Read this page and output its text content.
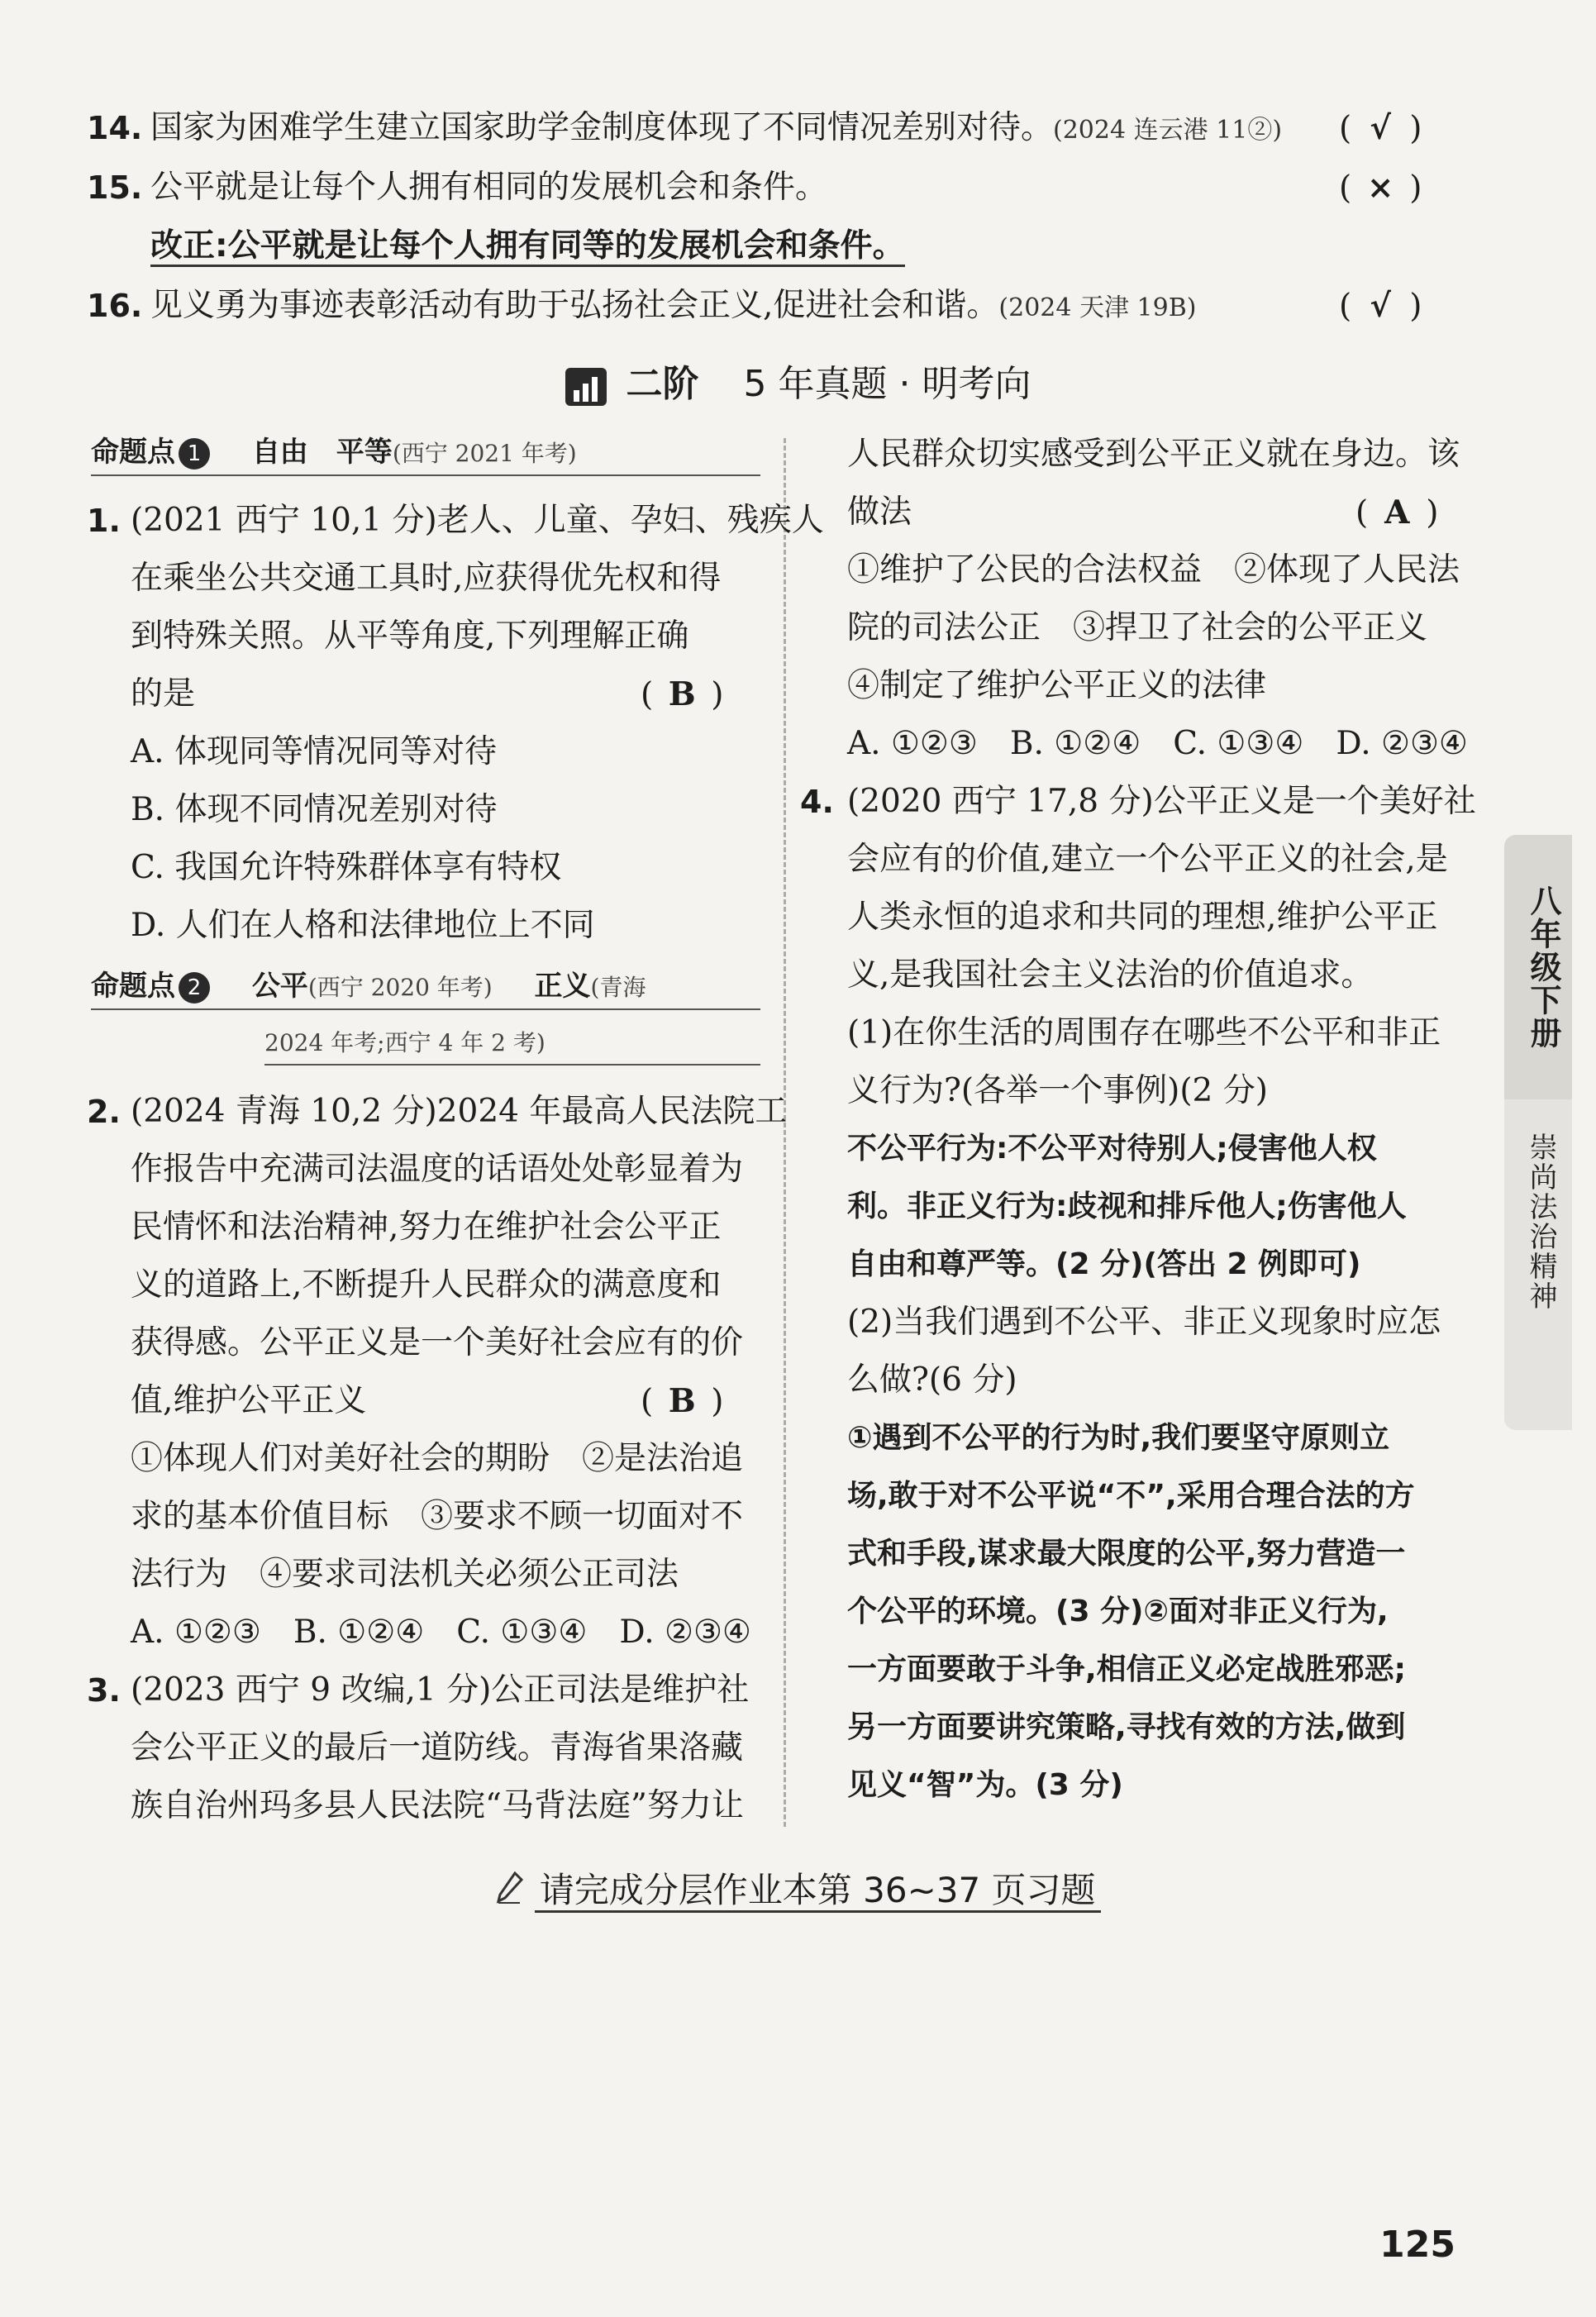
14. 国家为困难学生建立国家助学金制度体现了不同情况差别对待。(2024 连云港 11②) ( √ )
15. 公平就是让每个人拥有相同的发展机会和条件。	( × )
改正:公平就是让每个人拥有同等的发展机会和条件。
16. 见义勇为事迹表彰活动有助于弘扬社会正义,促进社会和谐。(2024 天津 19B)	( √ )
二阶 5 年真题 · 明考向
命题点 1 自由　平等(西宁 2021 年考)
1. (2021 西宁 10,1 分)老人、儿童、孕妇、残疾人
在乘坐公共交通工具时,应获得优先权和得
到特殊关照。从平等角度,下列理解正确
的是	( B )
A. 体现同等情况同等对待
B. 体现不同情况差别对待
C. 我国允许特殊群体享有特权
D. 人们在人格和法律地位上不同
命题点 2 公平(西宁 2020 年考) 正义(青海
2024 年考;西宁 4 年 2 考)
2. (2024 青海 10,2 分)2024 年最高人民法院工
作报告中充满司法温度的话语处处彰显着为
民情怀和法治精神,努力在维护社会公平正
义的道路上,不断提升人民群众的满意度和
获得感。公平正义是一个美好社会应有的价
值,维护公平正义	( B )
①体现人们对美好社会的期盼　②是法治追
求的基本价值目标　③要求不顾一切面对不
法行为　④要求司法机关必须公正司法
A. ①②③　B. ①②④　C. ①③④　D. ②③④
3. (2023 西宁 9 改编,1 分)公正司法是维护社
会公平正义的最后一道防线。青海省果洛藏
族自治州玛多县人民法院“马背法庭”努力让
人民群众切实感受到公平正义就在身边。该
做法	( A )
①维护了公民的合法权益　②体现了人民法
院的司法公正　③捍卫了社会的公平正义
④制定了维护公平正义的法律
A. ①②③　B. ①②④　C. ①③④　D. ②③④
4. (2020 西宁 17,8 分)公平正义是一个美好社
会应有的价值,建立一个公平正义的社会,是
人类永恒的追求和共同的理想,维护公平正
义,是我国社会主义法治的价值追求。
(1)在你生活的周围存在哪些不公平和非正
义行为?(各举一个事例)(2 分)
不公平行为:不公平对待别人;侵害他人权
利。非正义行为:歧视和排斥他人;伤害他人
自由和尊严等。(2 分)(答出 2 例即可)
(2)当我们遇到不公平、非正义现象时应怎
么做?(6 分)
①遇到不公平的行为时,我们要坚守原则立
场,敢于对不公平说“不”,采用合理合法的方
式和手段,谋求最大限度的公平,努力营造一
个公平的环境。(3 分)②面对非正义行为,
一方面要敢于斗争,相信正义必定战胜邪恶;
另一方面要讲究策略,寻找有效的方法,做到
见义“智”为。(3 分)
八年级下册
崇尚法治精神
请完成分层作业本第 36~37 页习题
125
